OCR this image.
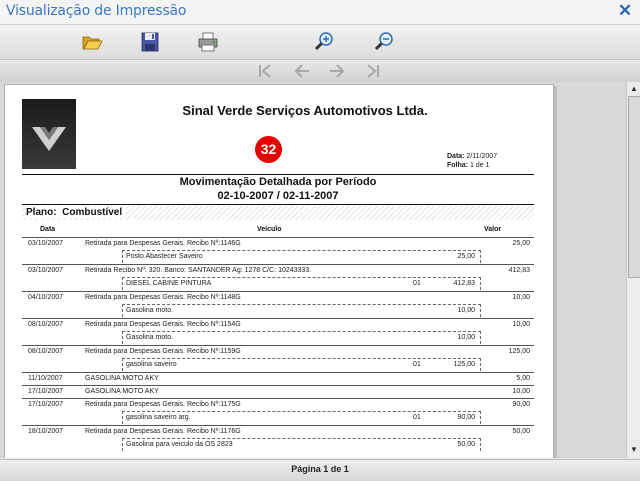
Visualização de Impressão	✕
Sinal Verde Serviços Automotivos Ltda.
32	Data: 2/11/2007
Folha: 1 de 1
Movimentação Detalhada por Período
02-10-2007 / 02-11-2007
Plano: Combustível
Data	Veículo	Valor
03/10/2007	Retirada para Despesas Gerais. Recibo Nº:1146G	25,00
Posto Abastecer Saveiro	25,00
03/10/2007	Retirada Recibo Nº: 320. Banco: SANTANDER Ag: 1278 C/C: 10243333.	412,83
DIESEL CABINE PINTURA	01	412,83
04/10/2007	Retirada para Despesas Gerais. Recibo Nº:1148G	10,00
Gasolina moto.	10,00
08/10/2007	Retirada para Despesas Gerais. Recibo Nº:1154G	10,00
Gasolina moto.	10,00
08/10/2007	Retirada para Despesas Gerais. Recibo Nº:1159G	125,00
gasolina saveiro	01	125,00
11/10/2007	GASOLINA MOTO AKY	5,00
17/10/2007	GASOLINA MOTO AKY	10,00
17/10/2007	Retirada para Despesas Gerais. Recibo Nº:1175G	90,00
gasolina saveiro arg.	01	90,00
18/10/2007	Retirada para Despesas Gerais. Recibo Nº:1176G	50,00
Gasolina para veiculo da OS 2823	50,00
▲
▼
Página 1 de 1
